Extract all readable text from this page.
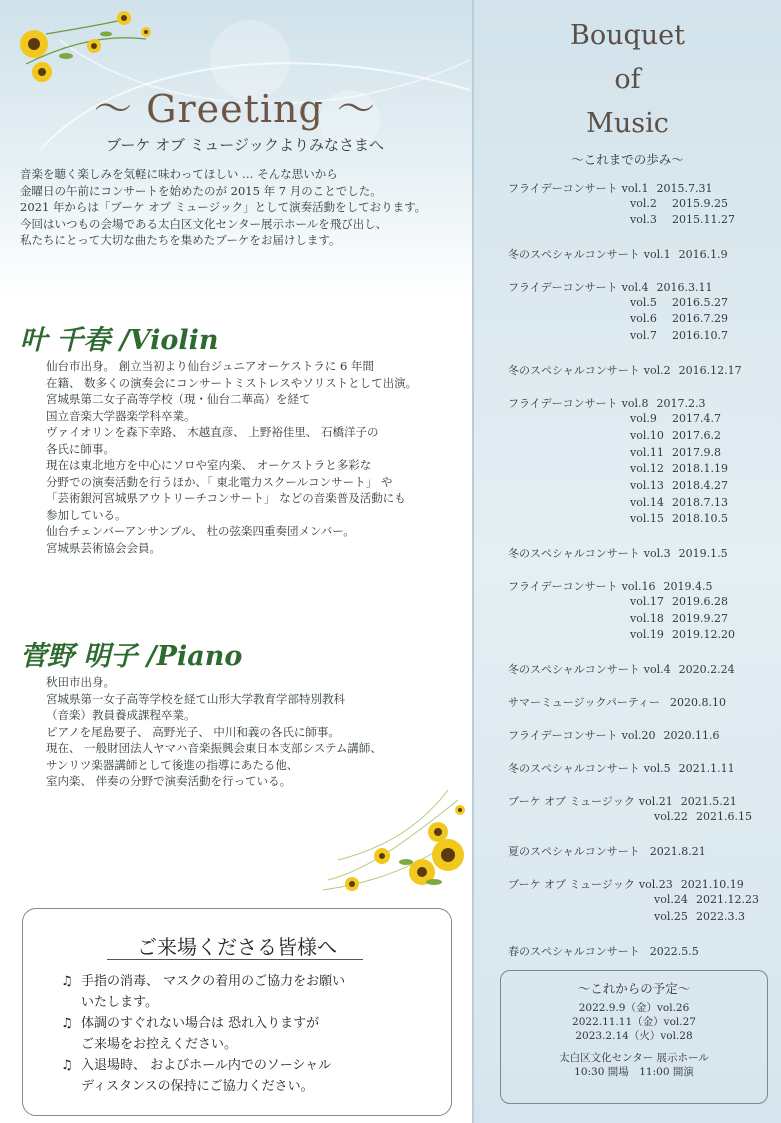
～ Greeting ～
ブーケ オブ ミュージックよりみなさまへ
音楽を聴く楽しみを気軽に味わってほしい … そんな思いから
金曜日の午前にコンサートを始めたのが 2015 年 7 月のことでした。
2021 年からは「ブーケ オブ ミュージック」として演奏活動をしております。
今回はいつもの会場である太白区文化センター展示ホールを飛び出し、
私たちにとって大切な曲たちを集めたブーケをお届けします。
叶 千春 /Violin
仙台市出身。 創立当初より仙台ジュニアオーケストラに 6 年間
在籍、 数多くの演奏会にコンサートミストレスやソリストとして出演。
宮城県第二女子高等学校（現・仙台二華高）を経て
国立音楽大学器楽学科卒業。
ヴァイオリンを森下幸路、 木越直彦、 上野裕佳里、 石橋洋子の
各氏に師事。
現在は東北地方を中心にソロや室内楽、 オーケストラと多彩な
分野での演奏活動を行うほか、「 東北電力スクールコンサート」 や
「芸術銀河宮城県アウトリーチコンサート」 などの音楽普及活動にも
参加している。
仙台チェンバーアンサンブル、 杜の弦楽四重奏団メンバー。
宮城県芸術協会会員。
菅野 明子 /Piano
秋田市出身。
宮城県第一女子高等学校を経て山形大学教育学部特別教科
（音楽）教員養成課程卒業。
ピアノを尾島要子、 高野光子、 中川和義の各氏に師事。
現在、 一般財団法人ヤマハ音楽振興会東日本支部システム講師、
サンリツ楽器講師として後進の指導にあたる他、
室内楽、 伴奏の分野で演奏活動を行っている。
ご来場くださる皆様へ
♫ 手指の消毒、 マスクの着用のご協力をお願い
いたします。
♫ 体調のすぐれない場合は 恐れ入りますが
ご来場をお控えください。
♫ 入退場時、 およびホール内でのソーシャル
ディスタンスの保持にご協力ください。
Bouquet
of
Music
～これまでの歩み～
フライデーコンサート vol.1 2015.7.31
vol.2 2015.9.25
vol.3 2015.11.27
冬のスペシャルコンサート vol.1 2016.1.9
フライデーコンサート vol.4 2016.3.11
vol.5 2016.5.27
vol.6 2016.7.29
vol.7 2016.10.7
冬のスペシャルコンサート vol.2 2016.12.17
フライデーコンサート vol.8 2017.2.3
vol.9 2017.4.7
vol.10 2017.6.2
vol.11 2017.9.8
vol.12 2018.1.19
vol.13 2018.4.27
vol.14 2018.7.13
vol.15 2018.10.5
冬のスペシャルコンサート vol.3 2019.1.5
フライデーコンサート vol.16 2019.4.5
vol.17 2019.6.28
vol.18 2019.9.27
vol.19 2019.12.20
冬のスペシャルコンサート vol.4 2020.2.24
サマーミュージックパーティー 2020.8.10
フライデーコンサート vol.20 2020.11.6
冬のスペシャルコンサート vol.5 2021.1.11
ブーケ オブ ミュージック vol.21 2021.5.21
vol.22 2021.6.15
夏のスペシャルコンサート 2021.8.21
ブーケ オブ ミュージック vol.23 2021.10.19
vol.24 2021.12.23
vol.25 2022.3.3
春のスペシャルコンサート 2022.5.5
～これからの予定～
2022.9.9（金）vol.26
2022.11.11（金）vol.27
2023.2.14（火）vol.28
太白区文化センター 展示ホール
10:30 開場　11:00 開演
